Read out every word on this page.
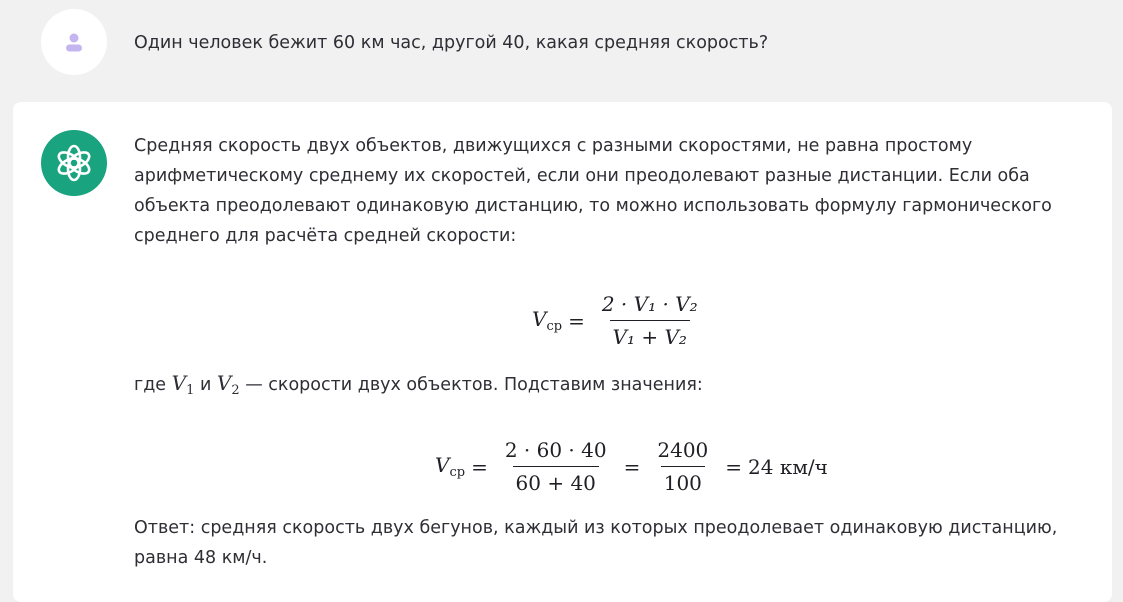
Один человек бежит 60 км час, другой 40, какая средняя скорость?
Средняя скорость двух объектов, движущихся с разными скоростями, не равна простому
арифметическому среднему их скоростей, если они преодолевают разные дистанции. Если оба
объекта преодолевают одинаковую дистанцию, то можно использовать формулу гармонического
среднего для расчёта средней скорости:
$V_{ср} = \frac{\text{2 · V₁ · V₂}}{\text{V₁ + V₂}}$
где $V_1$ и $V_2$ — скорости двух объектов. Подставим значения:
$V_{ср} = \frac{2 \cdot 60 \cdot 40}{60 + 40} = \frac{2400}{100} = 24$ км/ч
Ответ: средняя скорость двух бегунов, каждый из которых преодолевает одинаковую дистанцию,
равна 48 км/ч.
